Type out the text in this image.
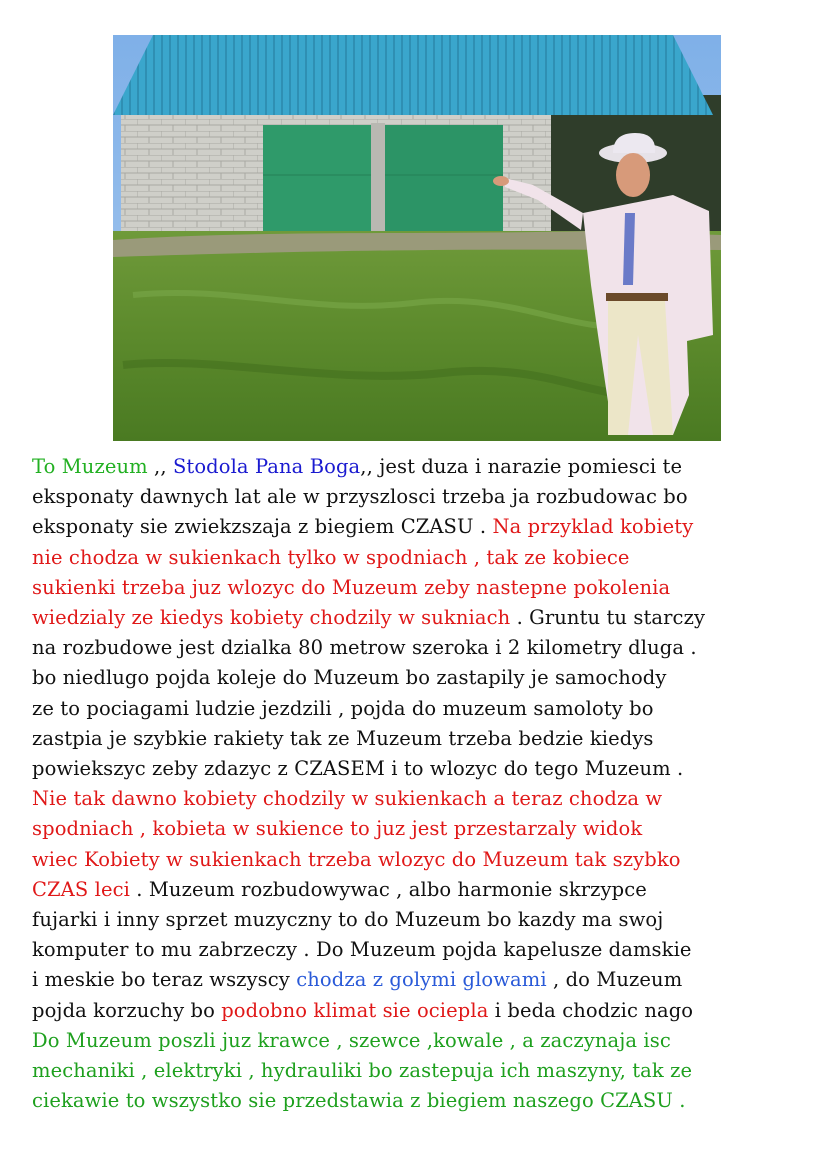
To Muzeum ,, Stodola Pana Boga,, jest duza i narazie pomiesci te
eksponaty dawnych lat ale w przyszlosci trzeba ja rozbudowac bo
eksponaty sie zwiekzszaja z biegiem CZASU . Na przyklad kobiety
nie chodza w sukienkach tylko w spodniach , tak ze kobiece
sukienki trzeba juz wlozyc do Muzeum zeby nastepne pokolenia
wiedzialy ze kiedys kobiety chodzily w sukniach . Gruntu tu starczy
na rozbudowe jest dzialka 80 metrow szeroka i 2 kilometry dluga .
bo niedlugo pojda koleje do Muzeum bo zastapily je samochody
ze to pociagami ludzie jezdzili , pojda do muzeum samoloty bo
zastpia je szybkie rakiety tak ze Muzeum trzeba bedzie kiedys
powiekszyc zeby zdazyc z CZASEM i to wlozyc do tego Muzeum .
Nie tak dawno kobiety chodzily w sukienkach a teraz chodza w
spodniach , kobieta w sukience to juz jest przestarzaly widok
wiec Kobiety w sukienkach trzeba wlozyc do Muzeum tak szybko
CZAS leci . Muzeum rozbudowywac , albo harmonie skrzypce
fujarki i inny sprzet muzyczny to do Muzeum bo kazdy ma swoj
komputer to mu zabrzeczy . Do Muzeum pojda kapelusze damskie
i meskie bo teraz wszyscy chodza z golymi glowami , do Muzeum
pojda korzuchy bo podobno klimat sie ociepla i beda chodzic nago
Do Muzeum poszli juz krawce , szewce ,kowale , a zaczynaja isc
mechaniki , elektryki , hydrauliki bo zastepuja ich maszyny, tak ze
ciekawie to wszystko sie przedstawia z biegiem naszego CZASU .
